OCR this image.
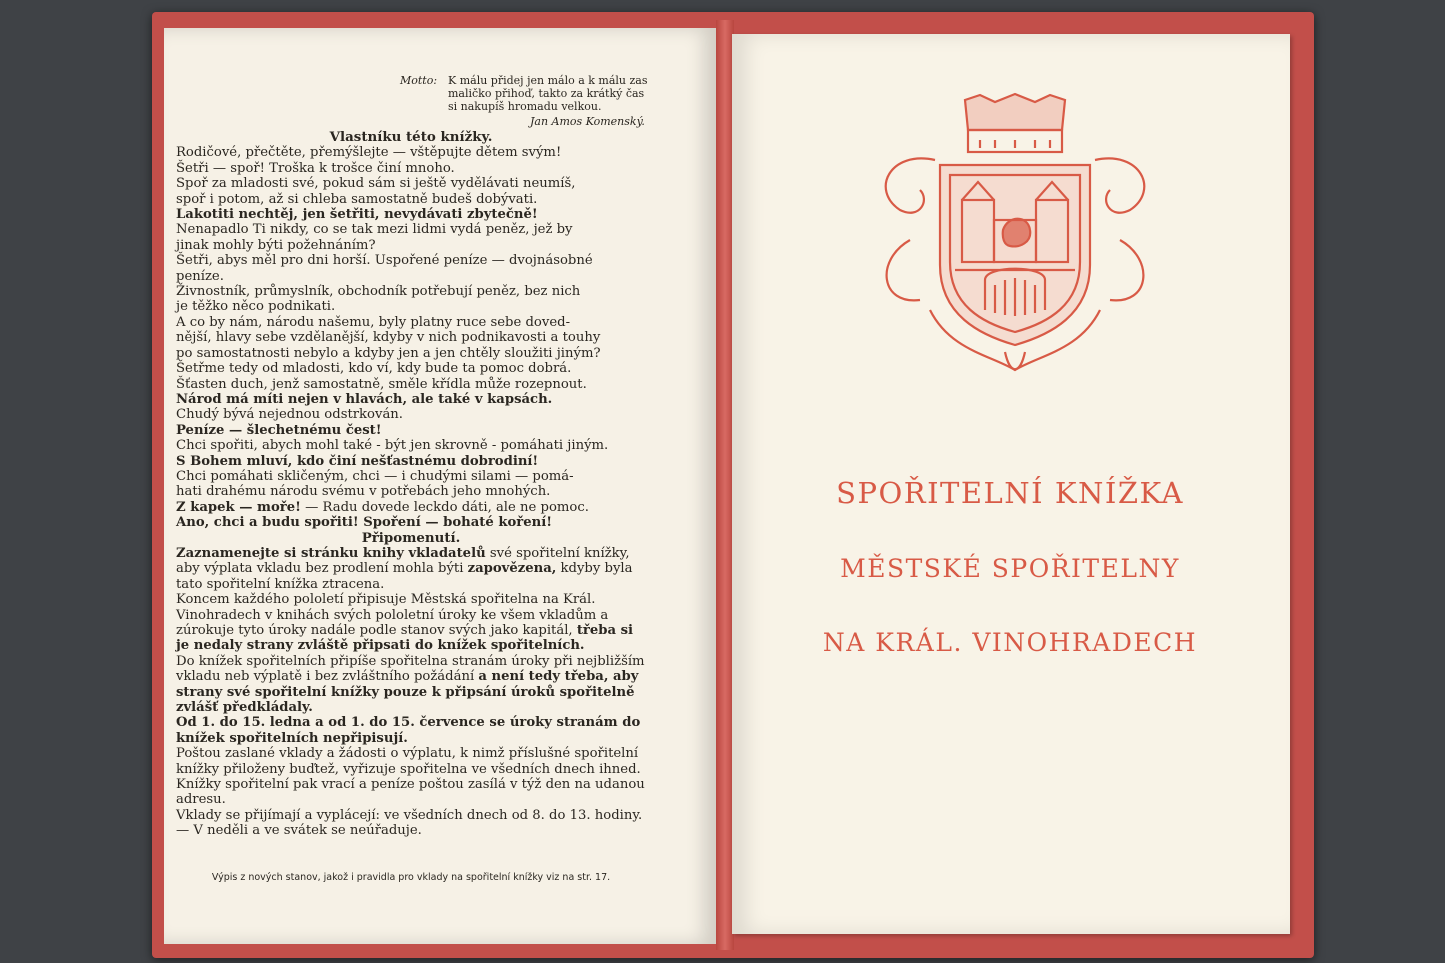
Motto: K málu přidej jen málo a k málu zas
maličko přihoď, takto za krátký čas
si nakupíš hromadu velkou.
Jan Amos Komenský.

Vlastníku této knížky.

Rodičové, přečtěte, přemýšlejte — vštěpujte dětem svým!

Šetři — spoř! Troška k trošce činí mnoho.

Spoř za mladosti své, pokud sám si ještě vydělávati neumíš,

spoř i potom, až si chleba samostatně budeš dobývati.

Lakotiti nechtěj, jen šetřiti, nevydávati zbytečně!

Nenapadlo Ti nikdy, co se tak mezi lidmi vydá peněz, jež by

jinak mohly býti požehnáním?

Šetři, abys měl pro dni horší. Uspořené peníze — dvojnásobné

peníze.

Živnostník, průmyslník, obchodník potřebují peněz, bez nich

je těžko něco podnikati.

A co by nám, národu našemu, byly platny ruce sebe doved-

nější, hlavy sebe vzdělanější, kdyby v nich podnikavosti a touhy

po samostatnosti nebylo a kdyby jen a jen chtěly sloužiti jiným?

Šetřme tedy od mladosti, kdo ví, kdy bude ta pomoc dobrá.

Šťasten duch, jenž samostatně, směle křídla může rozepnout.

Národ má míti nejen v hlavách, ale také v kapsách.

Chudý bývá nejednou odstrkován.

Peníze — šlechetnému čest!

Chci spořiti, abych mohl také - být jen skrovně - pomáhati jiným.

S Bohem mluví, kdo činí nešťastnému dobrodiní!

Chci pomáhati skličeným, chci — i chudými silami — pomá-

hati drahému národu svému v potřebách jeho mnohých.

Z kapek — moře! — Radu dovede leckdo dáti, ale ne pomoc.

Ano, chci a budu spořiti! Spoření — bohaté koření!

Připomenutí.

Zaznamenejte si stránku knihy vkladatelů své spořitelní knížky, aby výplata vkladu bez prodlení mohla býti zapovězena, kdyby byla tato spořitelní knížka ztracena.

Koncem každého pololetí připisuje Městská spořitelna na Král. Vinohradech v knihách svých pololetní úroky ke všem vkladům a zúrokuje tyto úroky nadále podle stanov svých jako kapitál, třeba si je nedaly strany zvláště připsati do knížek spořitelních.

Do knížek spořitelních připíše spořitelna stranám úroky při nejbližším vkladu neb výplatě i bez zvláštního požádání a není tedy třeba, aby strany své spořitelní knížky pouze k připsání úroků spořitelně zvlášť předkládaly.

Od 1. do 15. ledna a od 1. do 15. července se úroky stranám do knížek spořitelních nepřipisují.

Poštou zaslané vklady a žádosti o výplatu, k nimž příslušné spořitelní knížky přiloženy buďtež, vyřizuje spořitelna ve všedních dnech ihned. Knížky spořitelní pak vrací a peníze poštou zasílá v týž den na udanou adresu.

Vklady se přijímají a vyplácejí: ve všedních dnech od 8. do 13. hodiny. — V neděli a ve svátek se neúřaduje.

Výpis z nových stanov, jakož i pravidla pro vklady na spořitelní knížky viz na str. 17.
SPOŘITELNÍ KNÍŽKA
MĚSTSKÉ SPOŘITELNY
NA KRÁL. VINOHRADECH
